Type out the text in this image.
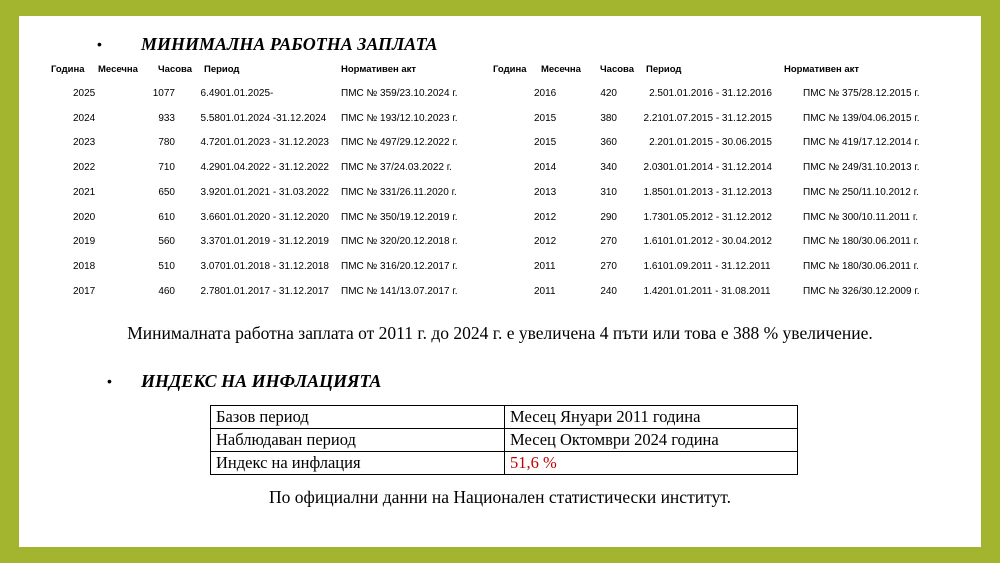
• МИНИМАЛНА РАБОТНА ЗАПЛАТА
Година Месечна Часова Период	Нормативен акт
2025	1077	6.49 01.01.2025-	ПМС № 359/23.10.2024 г.
2024	933	5.58 01.01.2024 -31.12.2024 ПМС № 193/12.10.2023 г.
2023	780	4.72 01.01.2023 - 31.12.2023 ПМС № 497/29.12.2022 г.
2022	710	4.29 01.04.2022 - 31.12.2022 ПМС № 37/24.03.2022 г.
2021	650	3.92 01.01.2021 - 31.03.2022 ПМС № 331/26.11.2020 г.
2020	610	3.66 01.01.2020 - 31.12.2020 ПМС № 350/19.12.2019 г.
2019	560	3.37 01.01.2019 - 31.12.2019 ПМС № 320/20.12.2018 г.
2018	510	3.07 01.01.2018 - 31.12.2018 ПМС № 316/20.12.2017 г.
2017	460	2.78 01.01.2017 - 31.12.2017 ПМС № 141/13.07.2017 г.
Година Месечна Часова Период	Нормативен акт
2016	420	2.5 01.01.2016 - 31.12.2016	ПМС № 375/28.12.2015 г.
2015	380	2.21 01.07.2015 - 31.12.2015	ПМС № 139/04.06.2015 г.
2015	360	2.2 01.01.2015 - 30.06.2015	ПМС № 419/17.12.2014 г.
2014	340	2.03 01.01.2014 - 31.12.2014	ПМС № 249/31.10.2013 г.
2013	310	1.85 01.01.2013 - 31.12.2013	ПМС № 250/11.10.2012 г.
2012	290	1.73 01.05.2012 - 31.12.2012	ПМС № 300/10.11.2011 г.
2012	270	1.61 01.01.2012 - 30.04.2012	ПМС № 180/30.06.2011 г.
2011	270	1.61 01.09.2011 - 31.12.2011	ПМС № 180/30.06.2011 г.
2011	240	1.42 01.01.2011 - 31.08.2011	ПМС № 326/30.12.2009 г.
Минималната работна заплата от 2011 г. до 2024 г. е увеличена 4 пъти или това е 388 % увеличение.
• ИНДЕКС НА ИНФЛАЦИЯТА
Базов период	Месец Януари 2011 година
Наблюдаван период	Месец Октомври 2024 година
Индекс на инфлация	51,6 %
По официални данни на Национален статистически институт.
